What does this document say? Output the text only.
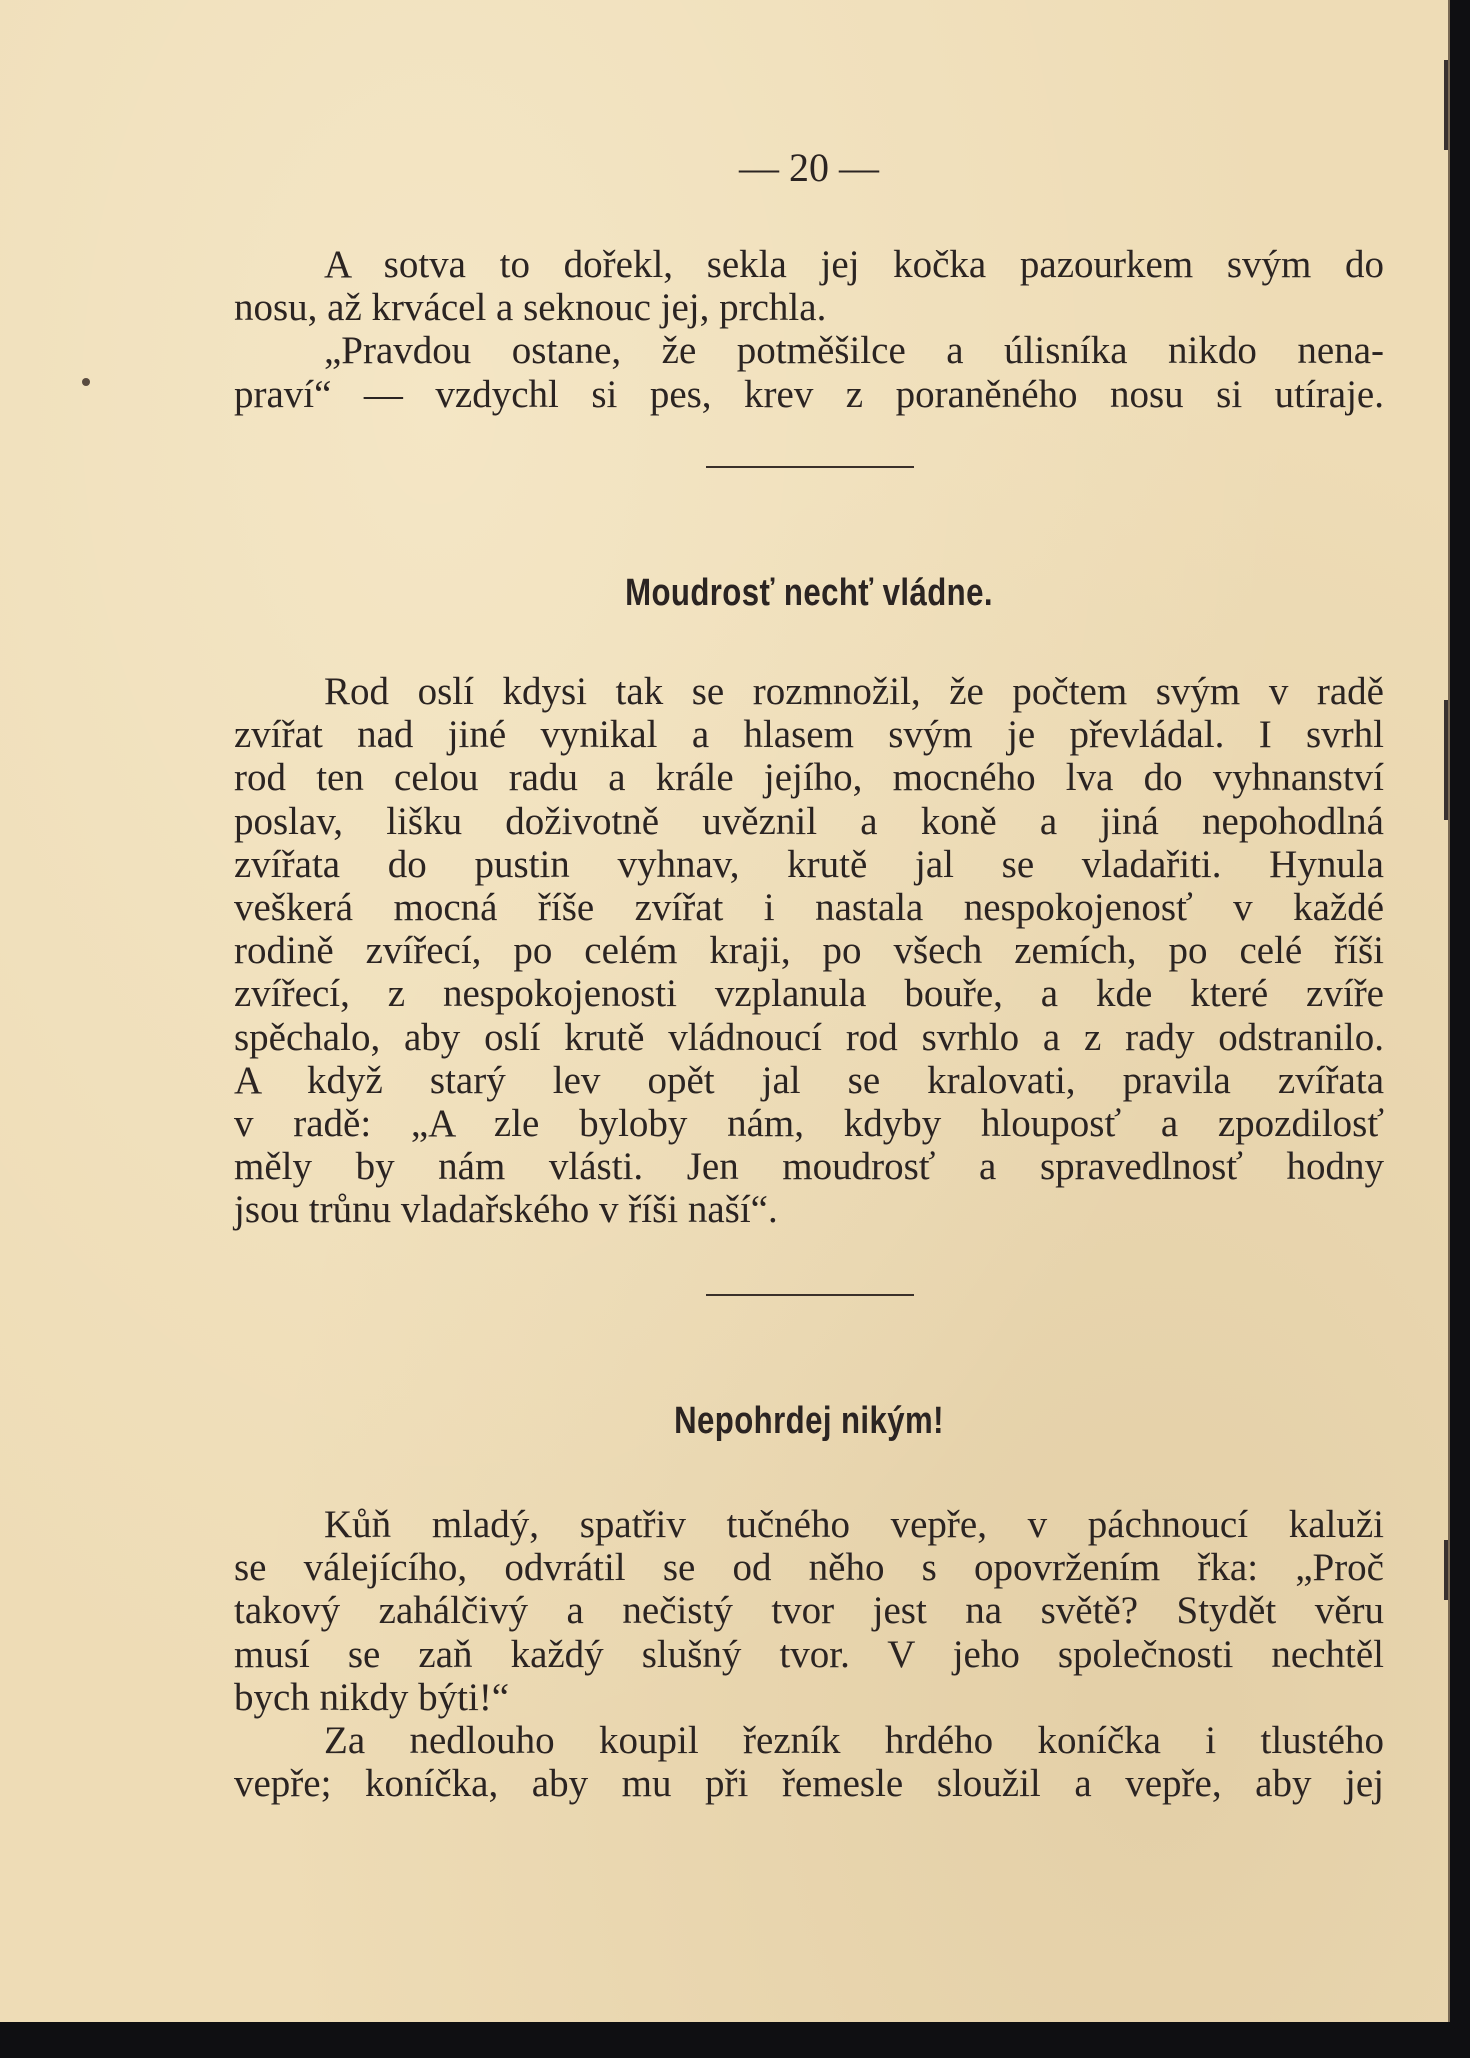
— 20 —
A sotva to dořekl, sekla jej kočka pazourkem svým do
nosu, až krvácel a seknouc jej, prchla.
„Pravdou ostane, že potměšilce a úlisníka nikdo nena-
praví“ — vzdychl si pes, krev z poraněného nosu si utíraje.
Moudrosť nechť vládne.
Rod oslí kdysi tak se rozmnožil, že počtem svým v radě
zvířat nad jiné vynikal a hlasem svým je převládal. I svrhl
rod ten celou radu a krále jejího, mocného lva do vyhnanství
poslav, lišku doživotně uvěznil a koně a jiná nepohodlná
zvířata do pustin vyhnav, krutě jal se vladařiti. Hynula
veškerá mocná říše zvířat i nastala nespokojenosť v každé
rodině zvířecí, po celém kraji, po všech zemích, po celé říši
zvířecí, z nespokojenosti vzplanula bouře, a kde které zvíře
spěchalo, aby oslí krutě vládnoucí rod svrhlo a z rady odstranilo.
A když starý lev opět jal se kralovati, pravila zvířata
v radě: „A zle byloby nám, kdyby hlouposť a zpozdilosť
měly by nám vlásti. Jen moudrosť a spravedlnosť hodny
jsou trůnu vladařského v říši naší“.
Nepohrdej nikým!
Kůň mladý, spatřiv tučného vepře, v páchnoucí kaluži
se válejícího, odvrátil se od něho s opovržením řka: „Proč
takový zahálčivý a nečistý tvor jest na světě? Stydět věru
musí se zaň každý slušný tvor. V jeho společnosti nechtěl
bych nikdy býti!“
Za nedlouho koupil řezník hrdého koníčka i tlustého
vepře; koníčka, aby mu při řemesle sloužil a vepře, aby jej
